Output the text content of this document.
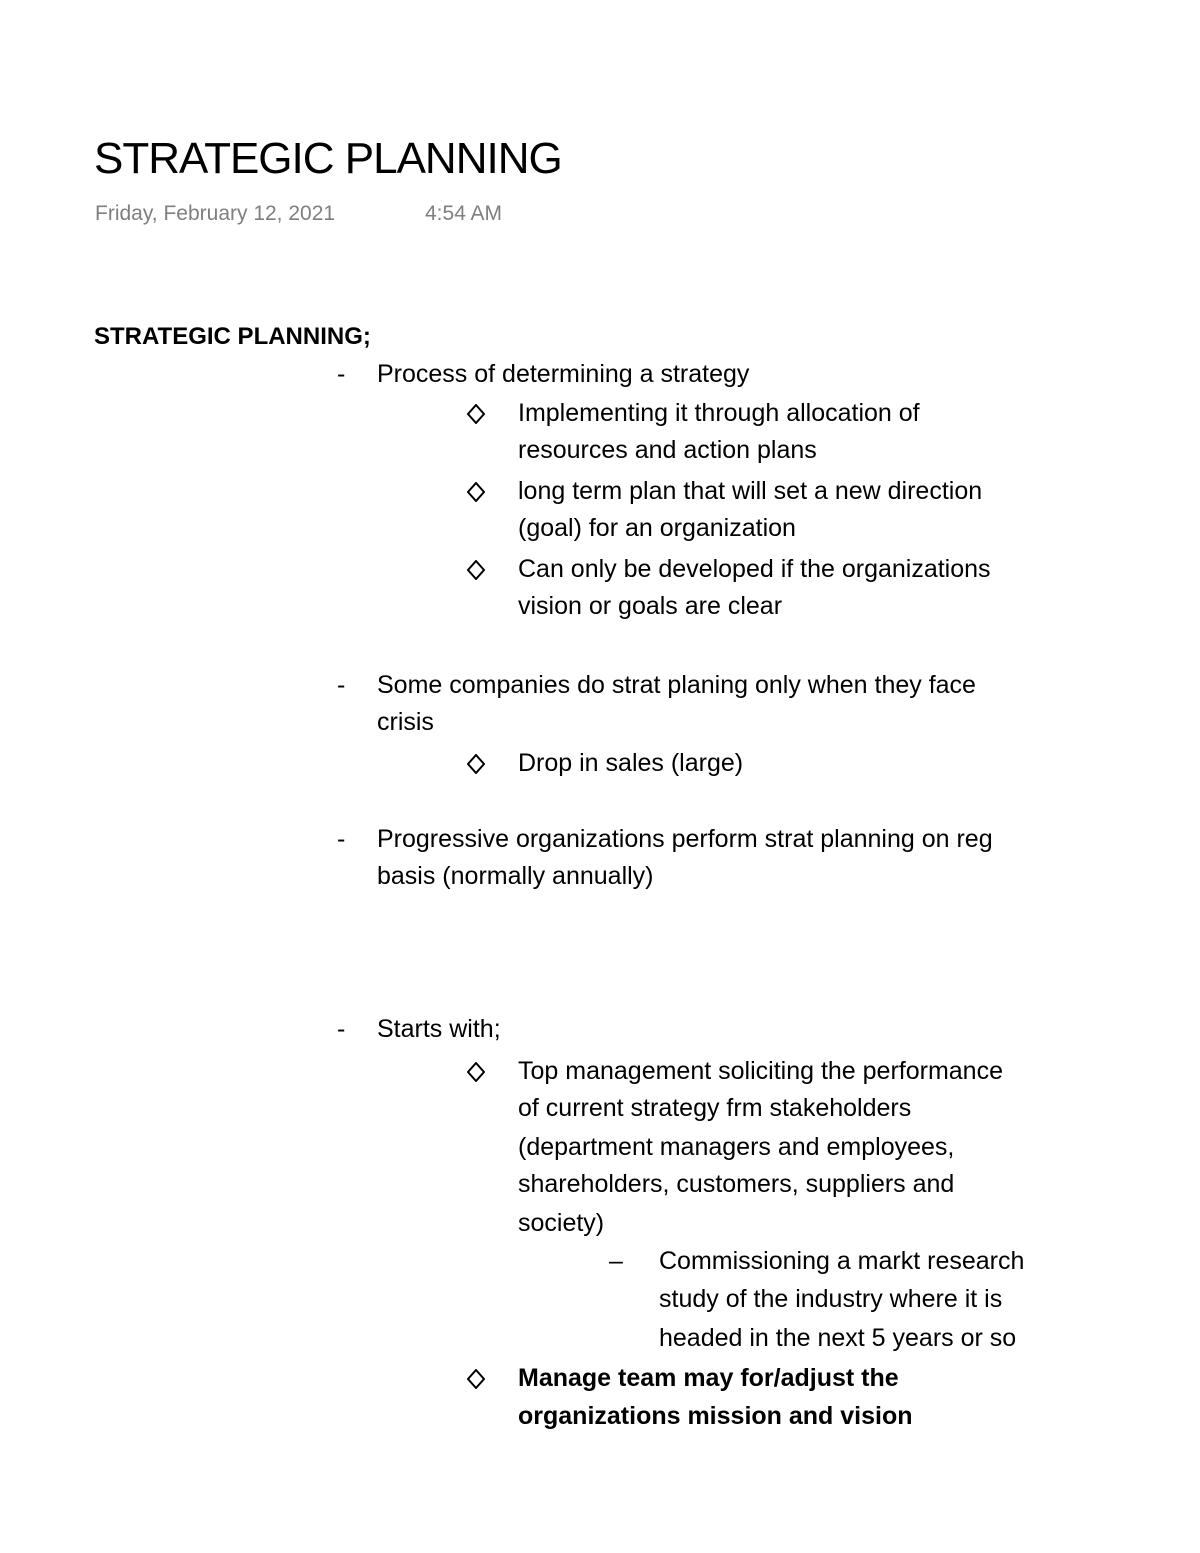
STRATEGIC PLANNING
Friday, February 12, 2021	4:54 AM
STRATEGIC PLANNING;
- Process of determining a strategy
Implementing it through allocation of
resources and action plans
long term plan that will set a new direction
(goal) for an organization
Can only be developed if the organizations
vision or goals are clear
- Some companies do strat planing only when they face
crisis
Drop in sales (large)
- Progressive organizations perform strat planning on reg
basis (normally annually)
- Starts with;
Top management soliciting the performance
of current strategy frm stakeholders
(department managers and employees,
shareholders, customers, suppliers and
society)
– Commissioning a markt research
study of the industry where it is
headed in the next 5 years or so
Manage team may for/adjust the
organizations mission and vision
